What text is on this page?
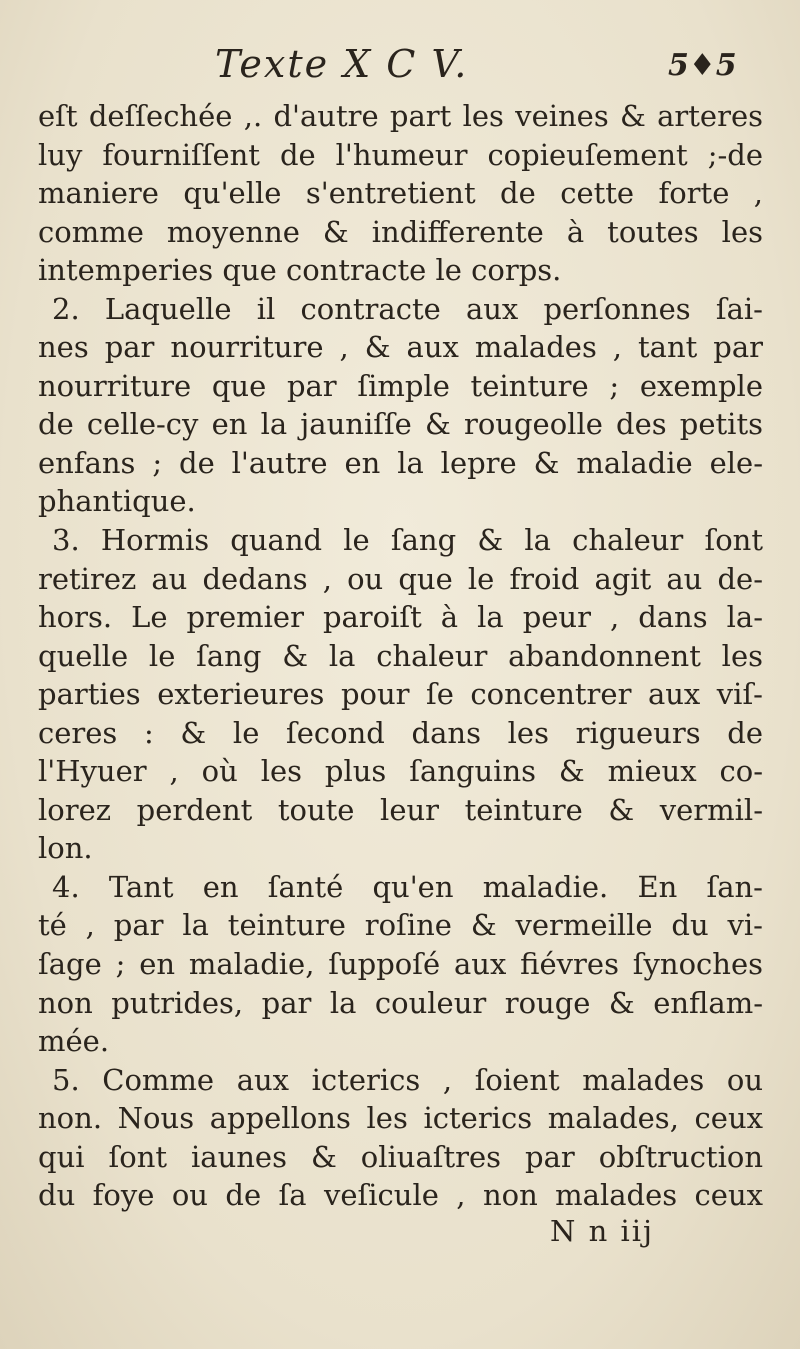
Texte X C V.	5♦5
eſt deſſechée ,. d'autre part les veines & arteres
luy fourniſſent de l'humeur copieuſement ;-de
maniere qu'elle s'entretient de cette forte ,
comme moyenne & indifferente à toutes les
intemperies que contracte le corps.
2. Laquelle il contracte aux perſonnes ſai-
nes par nourriture , & aux malades , tant par
nourriture que par ſimple teinture ; exemple
de celle-cy en la jauniſſe & rougeolle des petits
enfans ; de l'autre en la lepre & maladie ele-
phantique.
3. Hormis quand le ſang & la chaleur ſont
retirez au dedans , ou que le froid agit au de-
hors. Le premier paroiſt à la peur , dans la-
quelle le ſang & la chaleur abandonnent les
parties exterieures pour ſe concentrer aux viſ-
ceres : & le ſecond dans les rigueurs de
l'Hyuer , où les plus ſanguins & mieux co-
lorez perdent toute leur teinture & vermil-
lon.
4. Tant en ſanté qu'en maladie. En ſan-
té , par la teinture roſine & vermeille du vi-
ſage ; en maladie, ſuppoſé aux fiévres ſynoches
non putrides, par la couleur rouge & enflam-
mée.
5. Comme aux icterics , ſoient malades ou
non. Nous appellons les icterics malades, ceux
qui ſont iaunes & oliuaſtres par obſtruction
du foye ou de ſa veſicule , non malades ceux
N n iij
